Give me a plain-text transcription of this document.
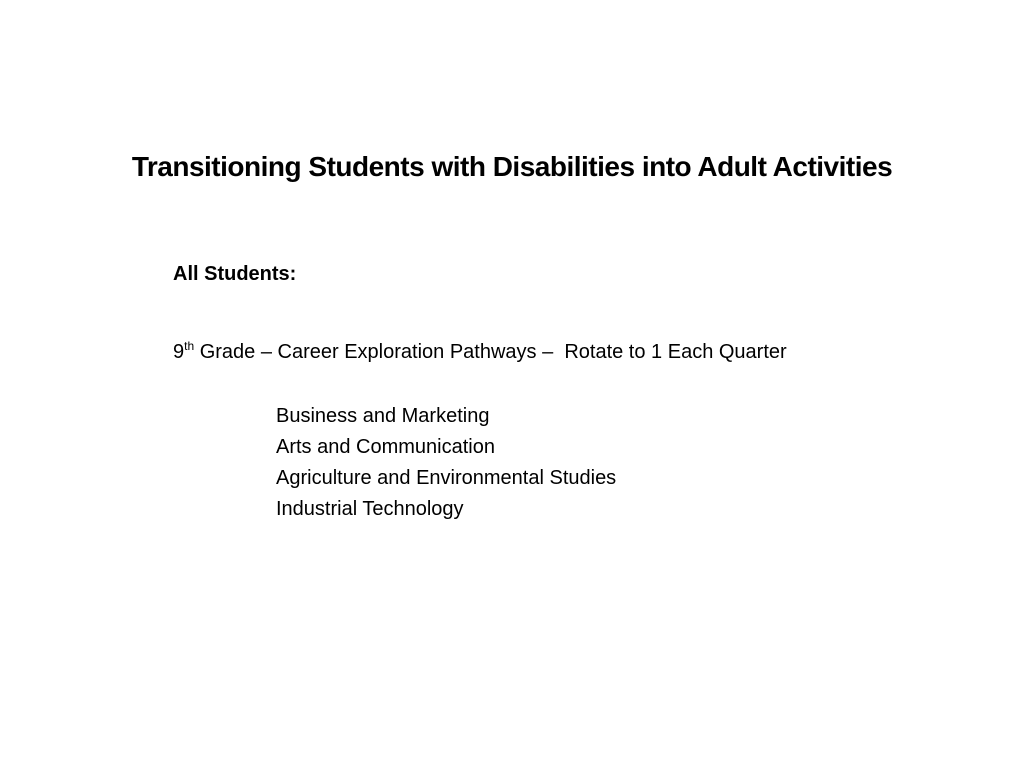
Transitioning Students with Disabilities into Adult Activities

All Students:

9th Grade – Career Exploration Pathways –  Rotate to 1 Each Quarter

Business and Marketing
Arts and Communication
Agriculture and Environmental Studies
Industrial Technology
